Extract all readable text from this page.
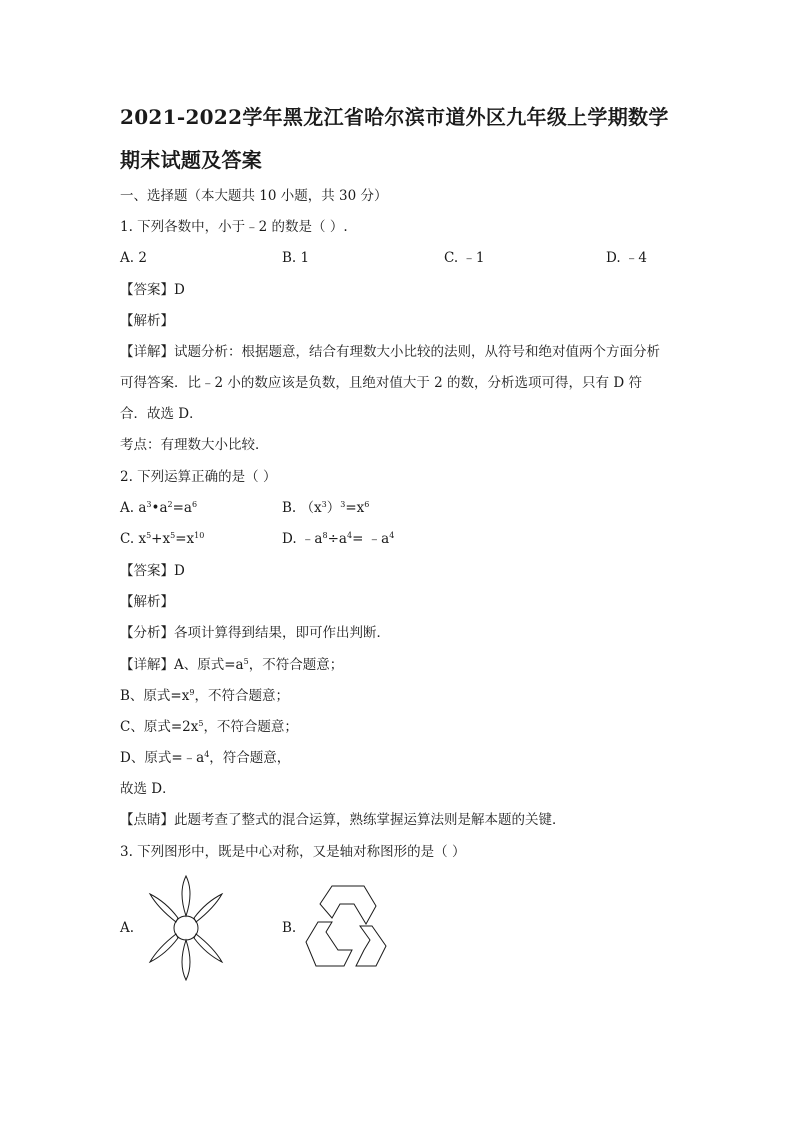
2021-2022学年黑龙江省哈尔滨市道外区九年级上学期数学
期末试题及答案
一、选择题（本大题共 10 小题，共 30 分）
1. 下列各数中，小于﹣2 的数是（ ）.
A. 2	B. 1	C. ﹣1	D. ﹣4
【答案】D
【解析】
【详解】试题分析：根据题意，结合有理数大小比较的法则，从符号和绝对值两个方面分析
可得答案．比﹣2 小的数应该是负数，且绝对值大于 2 的数，分析选项可得，只有 D 符
合．故选 D．
考点：有理数大小比较．
2. 下列运算正确的是（ ）
A. $a^3•a^2=a^6$	B. $(x^3)^3=x^6$
C. $x^5+x^5=x^{10}$	D. $﹣a^8\div a^4=$ $﹣a^4$
【答案】D
【解析】
【分析】各项计算得到结果，即可作出判断．
【详解】A、原式$=a^5$，不符合题意；
B、原式$=x^9$，不符合题意；
C、原式$=2x^5$，不符合题意；
D、原式$=﹣a^4$，符合题意，
故选 D．
【点睛】此题考查了整式的混合运算，熟练掌握运算法则是解本题的关键．
3. 下列图形中，既是中心对称，又是轴对称图形的是（ ）
A.	B.
